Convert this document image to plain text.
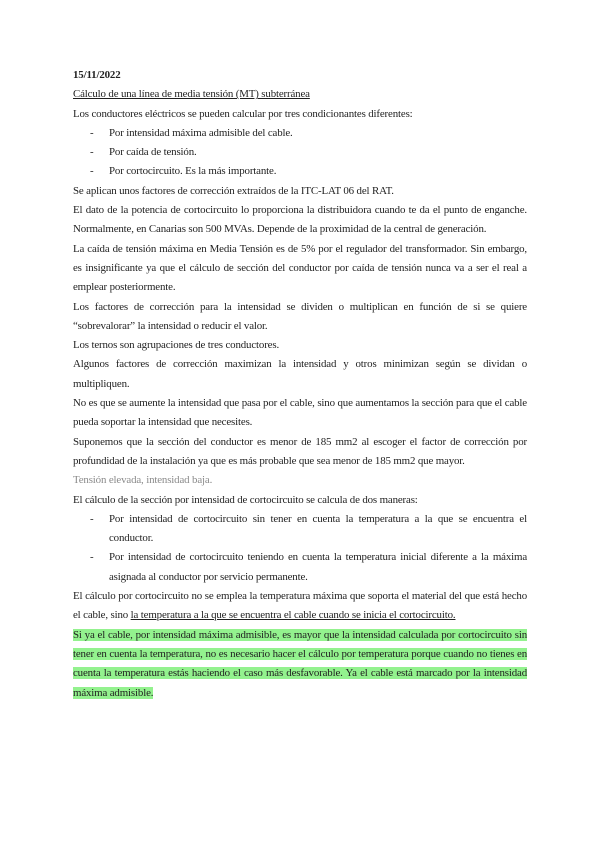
15/11/2022

Cálculo de una línea de media tensión (MT) subterránea

Los conductores eléctricos se pueden calcular por tres condicionantes diferentes:

- Por intensidad máxima admisible del cable.

- Por caída de tensión.

- Por cortocircuito. Es la más importante.

Se aplican unos factores de corrección extraídos de la ITC-LAT 06 del RAT.

El dato de la potencia de cortocircuito lo proporciona la distribuidora cuando te da el punto de enganche. Normalmente, en Canarias son 500 MVAs. Depende de la proximidad de la central de generación.

La caída de tensión máxima en Media Tensión es de 5% por el regulador del transformador. Sin embargo, es insignificante ya que el cálculo de sección del conductor por caída de tensión nunca va a ser el real a emplear posteriormente.

Los factores de corrección para la intensidad se dividen o multiplican en función de si se quiere “sobrevalorar” la intensidad o reducir el valor.

Los ternos son agrupaciones de tres conductores.

Algunos factores de corrección maximizan la intensidad y otros minimizan según se dividan o multipliquen.

No es que se aumente la intensidad que pasa por el cable, sino que aumentamos la sección para que el cable pueda soportar la intensidad que necesites.

Suponemos que la sección del conductor es menor de 185 mm2 al escoger el factor de corrección por profundidad de la instalación ya que es más probable que sea menor de 185 mm2 que mayor.

Tensión elevada, intensidad baja.

El cálculo de la sección por intensidad de cortocircuito se calcula de dos maneras:

- Por intensidad de cortocircuito sin tener en cuenta la temperatura a la que se encuentra el conductor.

- Por intensidad de cortocircuito teniendo en cuenta la temperatura inicial diferente a la máxima asignada al conductor por servicio permanente.

El cálculo por cortocircuito no se emplea la temperatura máxima que soporta el material del que está hecho el cable, sino la temperatura a la que se encuentra el cable cuando se inicia el cortocircuito.

Si ya el cable, por intensidad máxima admisible, es mayor que la intensidad calculada por cortocircuito sin tener en cuenta la temperatura, no es necesario hacer el cálculo por temperatura porque cuando no tienes en cuenta la temperatura estás haciendo el caso más desfavorable. Ya el cable está marcado por la intensidad máxima admisible.
